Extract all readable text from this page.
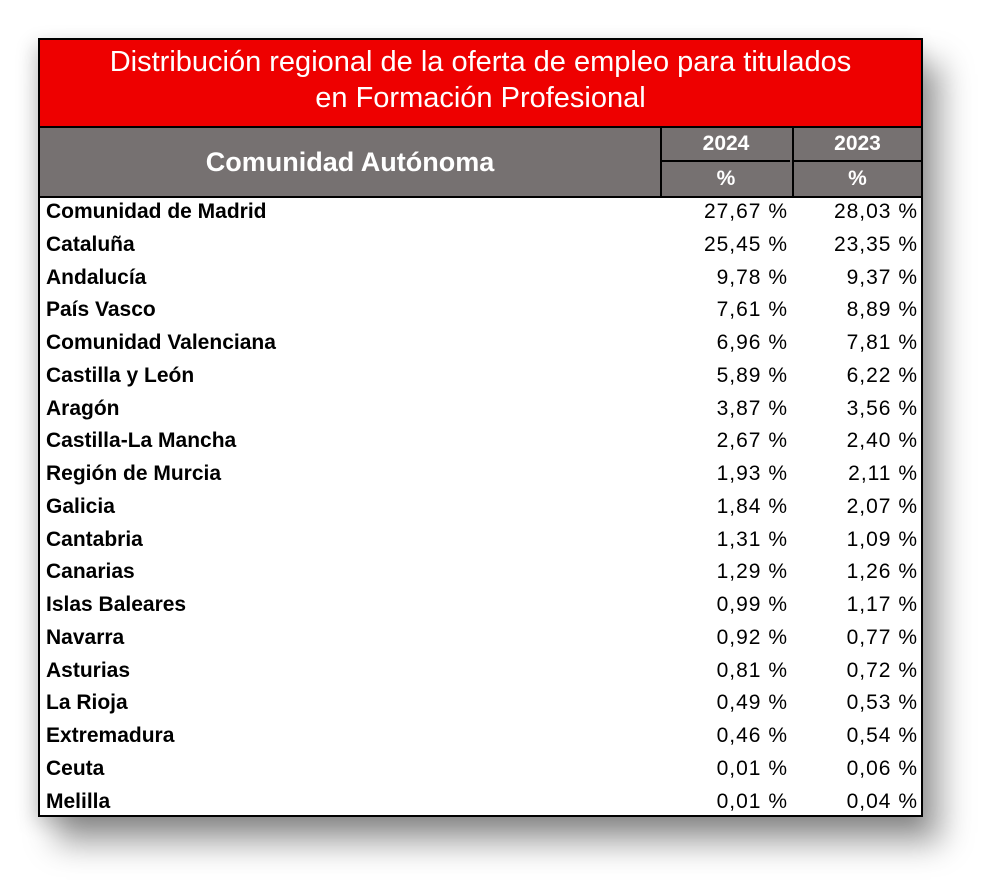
Distribución regional de la oferta de empleo para titulados
en Formación Profesional
Comunidad Autónoma
2024	2023
%	%
Comunidad de Madrid	27,67 % 28,03 %
Cataluña	25,45 % 23,35 %
Andalucía	9,78 %	9,37 %
País Vasco	7,61 %	8,89 %
Comunidad Valenciana	6,96 %	7,81 %
Castilla y León	5,89 %	6,22 %
Aragón	3,87 %	3,56 %
Castilla-La Mancha	2,67 %	2,40 %
Región de Murcia	1,93 %	2,11 %
Galicia	1,84 %	2,07 %
Cantabria	1,31 %	1,09 %
Canarias	1,29 %	1,26 %
Islas Baleares	0,99 %	1,17 %
Navarra	0,92 %	0,77 %
Asturias	0,81 %	0,72 %
La Rioja	0,49 %	0,53 %
Extremadura	0,46 %	0,54 %
Ceuta	0,01 %	0,06 %
Melilla	0,01 %	0,04 %
